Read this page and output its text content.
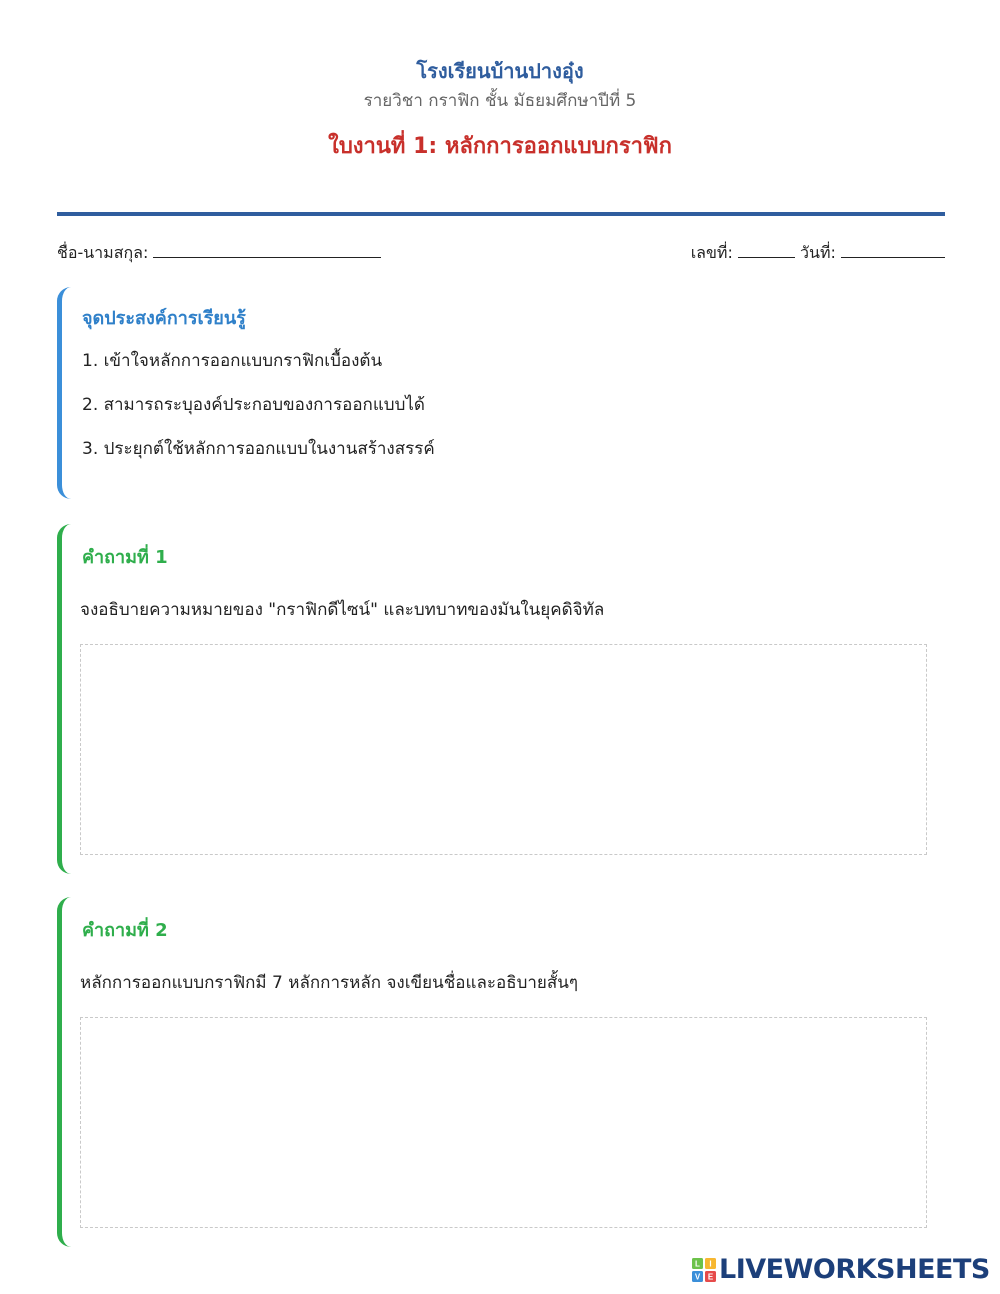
โรงเรียนบ้านปางอุ๋ง
รายวิชา กราฟิก ชั้น มัธยมศึกษาปีที่ 5
ใบงานที่ 1: หลักการออกแบบกราฟิก
ชื่อ-นามสกุล:	เลขที่:	วันที่:
จุดประสงค์การเรียนรู้
1. เข้าใจหลักการออกแบบกราฟิกเบื้องต้น
2. สามารถระบุองค์ประกอบของการออกแบบได้
3. ประยุกต์ใช้หลักการออกแบบในงานสร้างสรรค์
คำถามที่ 1
จงอธิบายความหมายของ "กราฟิกดีไซน์" และบทบาทของมันในยุคดิจิทัล
คำถามที่ 2
หลักการออกแบบกราฟิกมี 7 หลักการหลัก จงเขียนชื่อและอธิบายสั้นๆ
L I
V E LIVEWORKSHEETS
